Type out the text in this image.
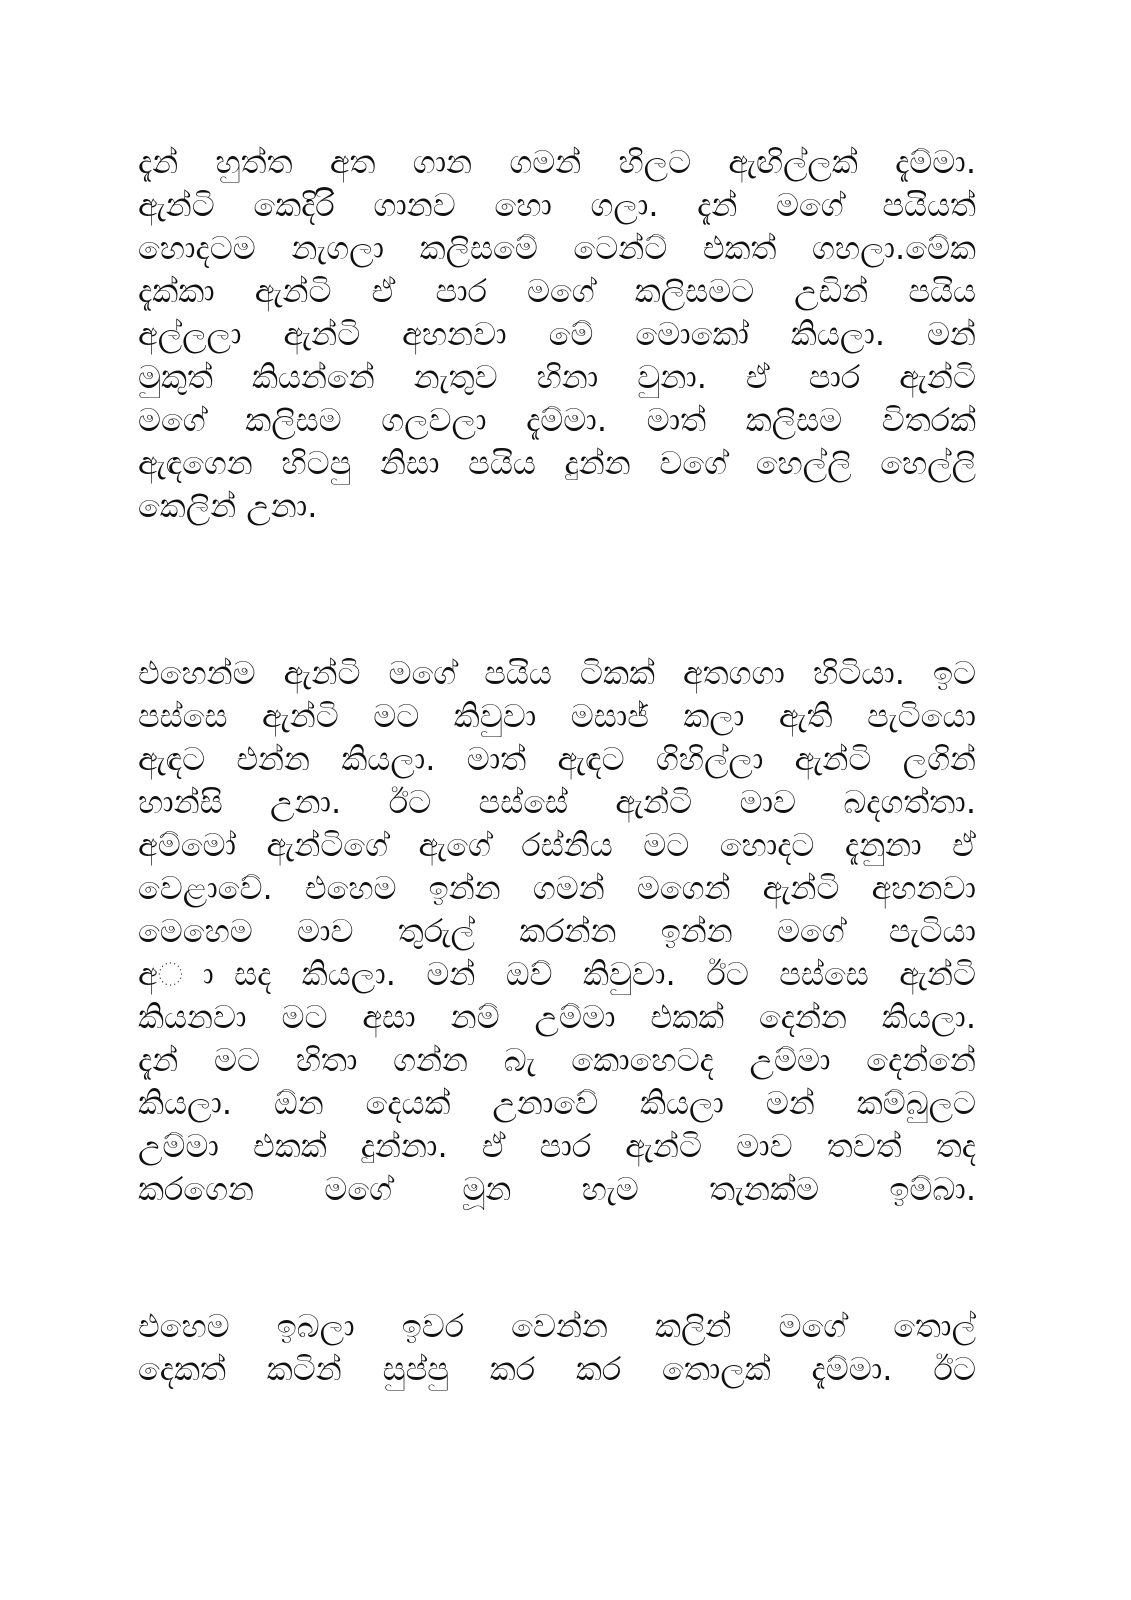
දැන් හුත්ත අත ගාන ගමන් හිලට ඇඟිල්ලක් දැම්මා.
ඇන්ටි කෙදිරි ගානව හො ගලා. දැන් මගේ පයියත්
හොදටම නැගලා කලිසමේ ටෙන්ට් එකත් ගහලා.මේක
දැක්කා ඇන්ටි ඒ පාර මගේ කලිසමට උඩින් පයිය
අල්ලලා ඇන්ටි අහනවා මේ මොකෝ කියලා. මන්
මුකුත් කියන්නේ නැතුව හිනා වුනා. ඒ පාර ඇන්ටි
මගේ කලිසම ගලවලා දැම්මා. මාත් කලිසම විතරක්
ඇඳගෙන හිටපු නිසා පයිය දුන්න වගේ හෙල්ලි හෙල්ලි
කෙලින් උනා.
එහෙන්ම ඇන්ටි මගේ පයිය ටිකක් අතගගා හිටියා. ඉට
පස්සෙ ඇන්ටි මට කිවුවා මසාජ් කලා ඇති පැටියො
ඇඳට එන්න කියලා. මාත් ඇඳට ගිහිල්ලා ඇන්ටි ලගින්
හාන්සි උනා. ඊට පස්සේ ඇන්ටි මාව බදගත්තා.
අම්මෝ ඇන්ටිගේ ඇගේ රස්නිය මට හොදට දැනුනා ඒ
වෙළාවේ. එහෙම ඉන්න ගමන් මගෙන් ඇන්ටි අහනවා
මෙහෙම මාව තුරුල් කරන්න ඉන්න මගේ පැටියා
අ◌ාසද කියලා. මන් ඔව් කිවුවා. ඊට පස්සෙ ඇන්ටි
කියනවා මට අසා නම් උම්මා එකක් දෙන්න කියලා.
දැන් මට හිතා ගන්න බැ කොහෙටද උම්මා දෙන්නේ
කියලා. ඕන දෙයක් උනාවේ කියලා මන් කම්බුලට
උම්මා එකක් දුන්නා. ඒ පාර ඇන්ටි මාව තවත් තද
කරගෙන මගේ මූන හැම තැනක්ම ඉම්බා.
එහෙම ඉබලා ඉවර වෙන්න කලින් මගේ තොල්
දෙකත් කටින් සුප්පු කර කර තොලක් දැම්මා. ඊට
